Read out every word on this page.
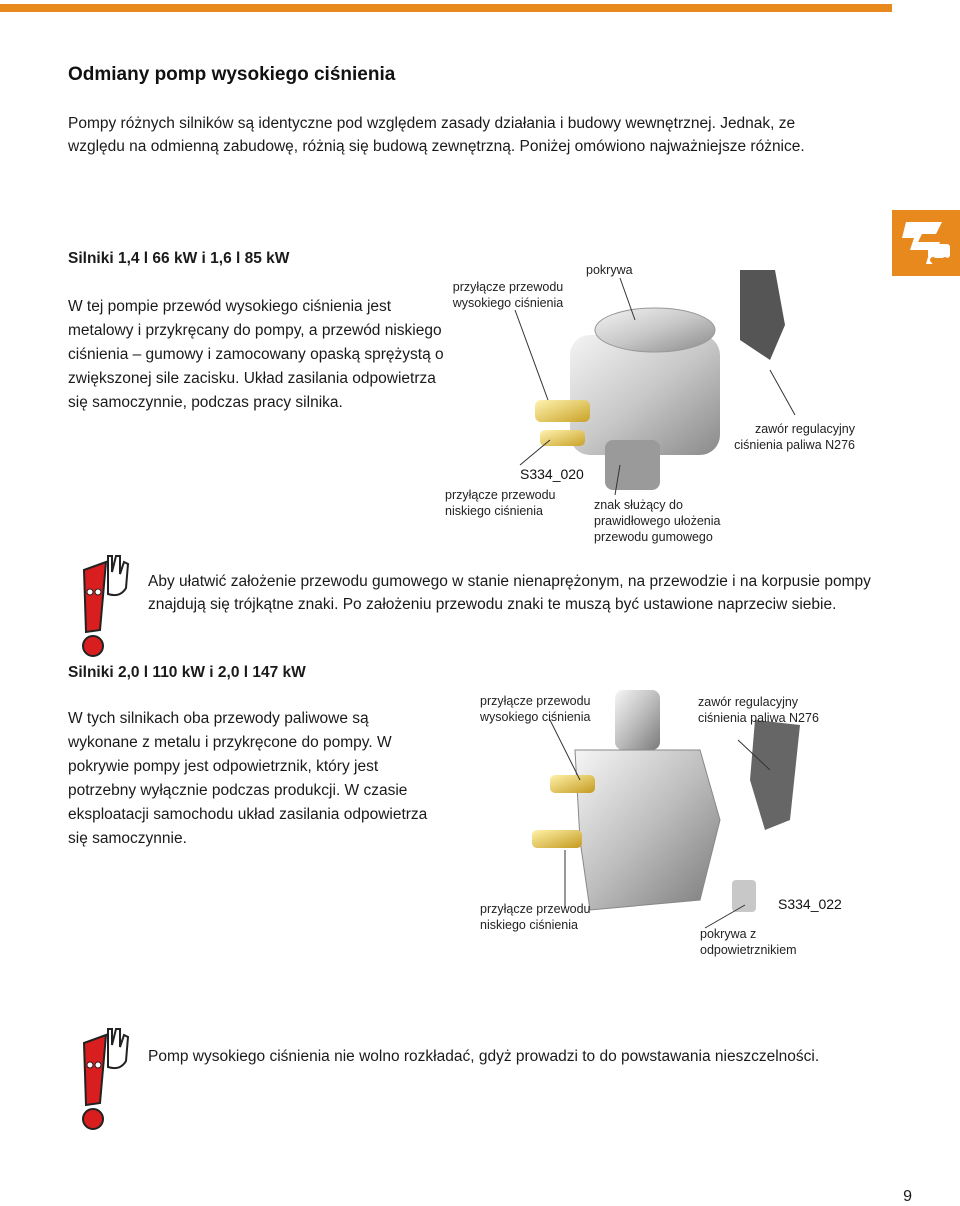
Odmiany pomp wysokiego ciśnienia
Pompy różnych silników są identyczne pod względem zasady działania i budowy wewnętrznej. Jednak, ze względu na odmienną zabudowę, różnią się budową zewnętrzną. Poniżej omówiono najważniejsze różnice.
Silniki 1,4 l 66 kW i 1,6 l 85 kW
W tej pompie przewód wysokiego ciśnienia jest metalowy i przykręcany do pompy, a przewód niskiego ciśnienia – gumowy i zamocowany opaską sprężystą o zwiększonej sile zacisku. Układ zasilania odpowietrza się samoczynnie, podczas pracy silnika.
przyłącze przewodu wysokiego ciśnienia
pokrywa
zawór regulacyjny ciśnienia paliwa N276
S334_020
przyłącze przewodu niskiego ciśnienia	znak służący do prawidłowego ułożenia przewodu gumowego
Aby ułatwić założenie przewodu gumowego w stanie nienaprężonym, na przewodzie i na korpusie pompy znajdują się trójkątne znaki. Po założeniu przewodu znaki te muszą być ustawione naprzeciw siebie.
Silniki 2,0 l 110 kW i 2,0 l 147 kW
W tych silnikach oba przewody paliwowe są wykonane z metalu i przykręcone do pompy. W pokrywie pompy jest odpowietrznik, który jest potrzebny wyłącznie podczas produkcji. W czasie eksploatacji samochodu układ zasilania odpowietrza się samoczynnie.
przyłącze przewodu wysokiego ciśnienia
zawór regulacyjny ciśnienia paliwa N276
przyłącze przewodu niskiego ciśnienia
S334_022
pokrywa z odpowietrznikiem
Pomp wysokiego ciśnienia nie wolno rozkładać, gdyż prowadzi to do powstawania nieszczelności.
9
